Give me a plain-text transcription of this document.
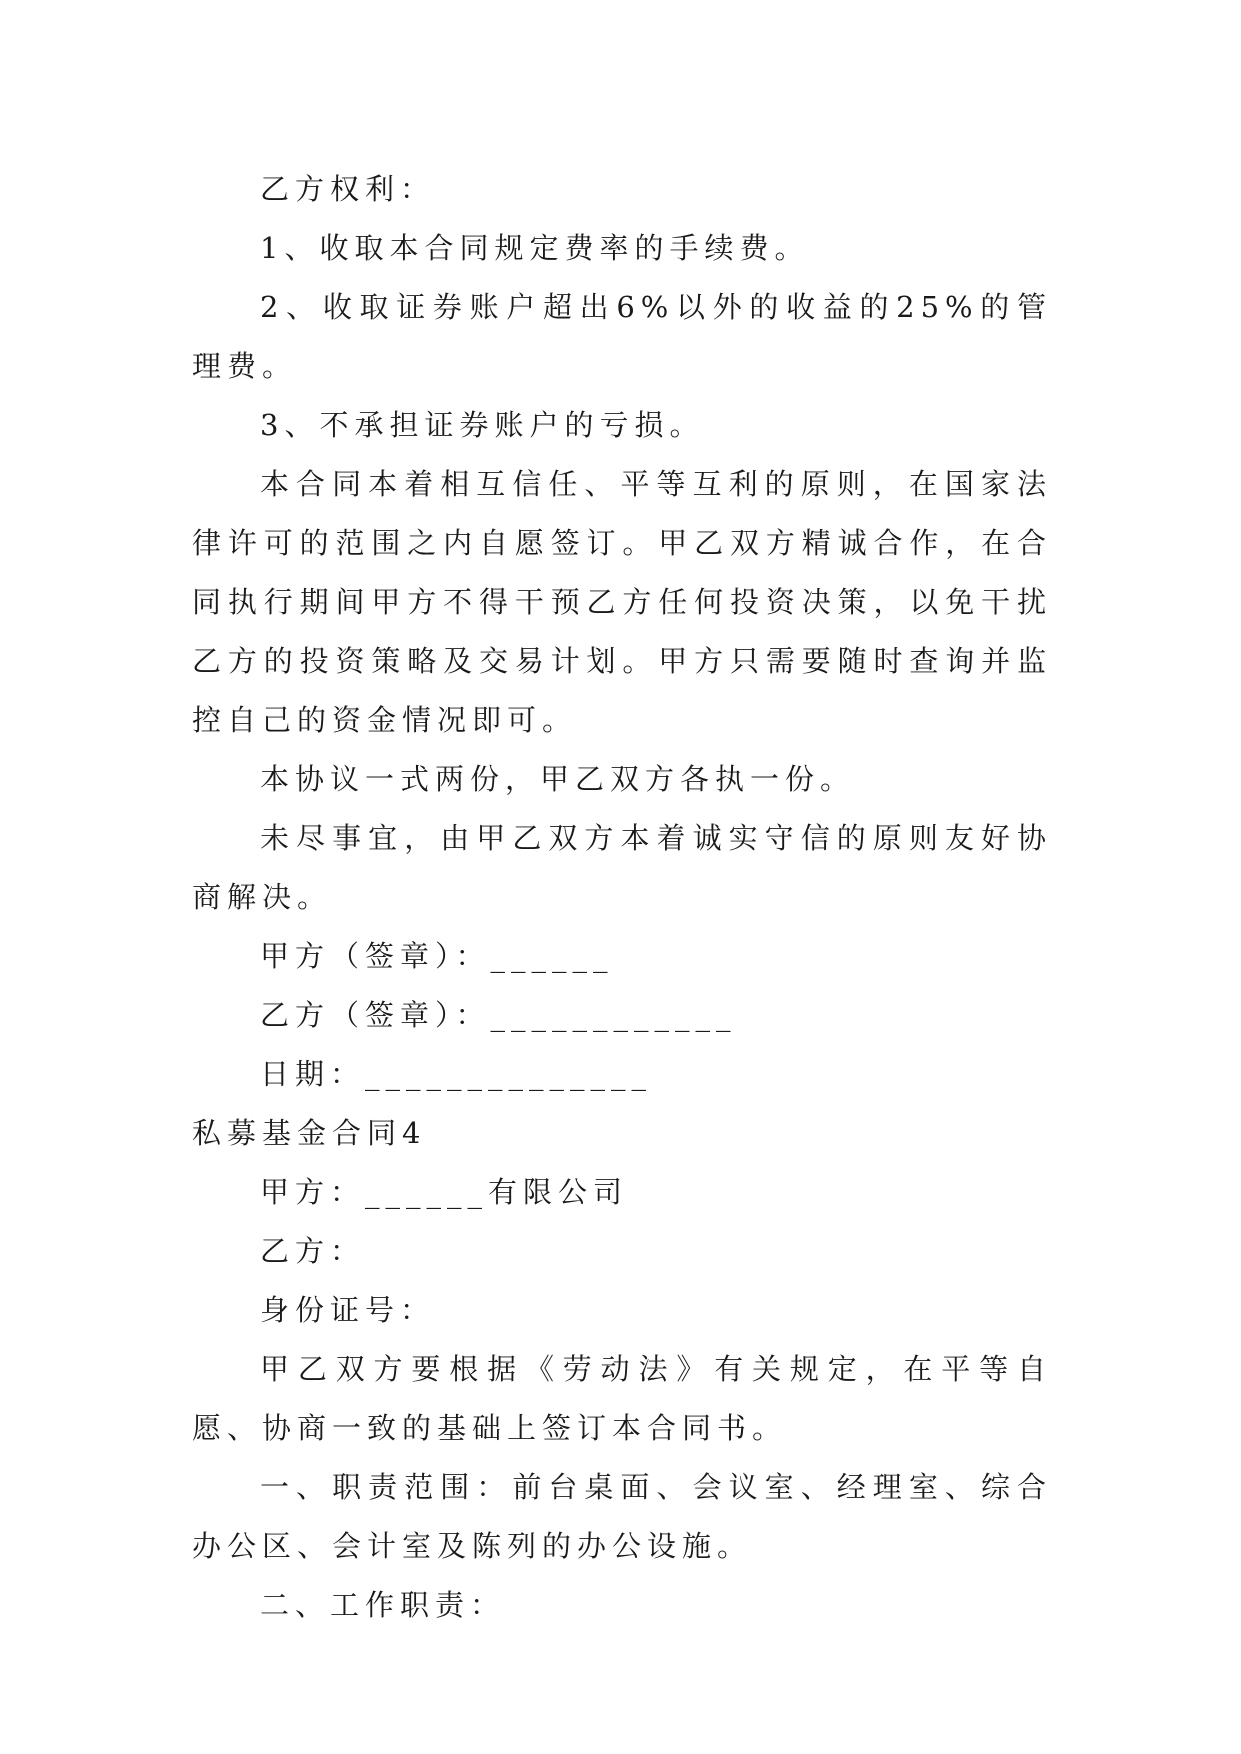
乙方权利：

1、收取本合同规定费率的手续费。

2、收取证券账户超出6%以外的收益的25%的管理费。

3、不承担证券账户的亏损。

本合同本着相互信任、平等互利的原则，在国家法律许可的范围之内自愿签订。甲乙双方精诚合作，在合同执行期间甲方不得干预乙方任何投资决策，以免干扰乙方的投资策略及交易计划。甲方只需要随时查询并监控自己的资金情况即可。

本协议一式两份，甲乙双方各执一份。

未尽事宜，由甲乙双方本着诚实守信的原则友好协商解决。

甲方（签章）：______

乙方（签章）：____________

日期：______________

私募基金合同4

甲方：______有限公司

乙方：

身份证号：

甲乙双方要根据《劳动法》有关规定，在平等自愿、协商一致的基础上签订本合同书。

一、职责范围：前台桌面、会议室、经理室、综合办公区、会计室及陈列的办公设施。

二、工作职责：
